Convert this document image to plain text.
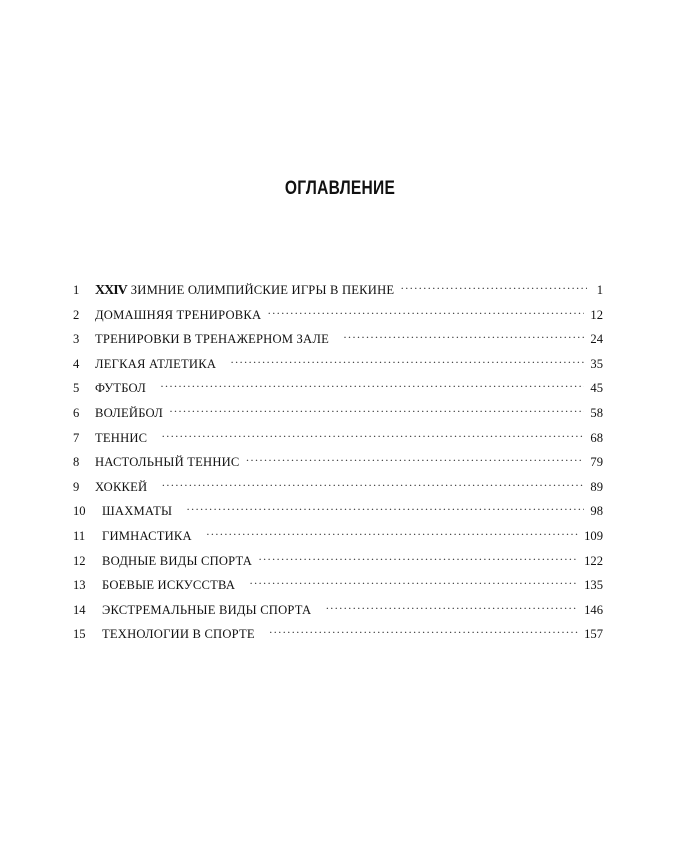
ОГЛАВЛЕНИЕ
1	XXIV ЗИМНИЕ ОЛИМПИЙСКИЕ ИГРЫ В ПЕКИНЕ ·····	1
2	ДОМАШНЯЯ ТРЕНИРОВКА ·····	12
3	ТРЕНИРОВКИ В ТРЕНАЖЕРНОМ ЗАЛЕ ·····	24
4	ЛЕГКАЯ АТЛЕТИКА ·····	35
5	ФУТБОЛ ·····	45
6	ВОЛЕЙБОЛ ·····	58
7	ТЕННИС ·····	68
8	НАСТОЛЬНЫЙ ТЕННИС ·····	79
9	ХОККЕЙ ·····	89
10	ШАХМАТЫ ·····	98
11	ГИМНАСТИКА ·····	109
12	ВОДНЫЕ ВИДЫ СПОРТА ·····	122
13	БОЕВЫЕ ИСКУССТВА ·····	135
14	ЭКСТРЕМАЛЬНЫЕ ВИДЫ СПОРТА ·····	146
15	ТЕХНОЛОГИИ В СПОРТЕ ·····	157
